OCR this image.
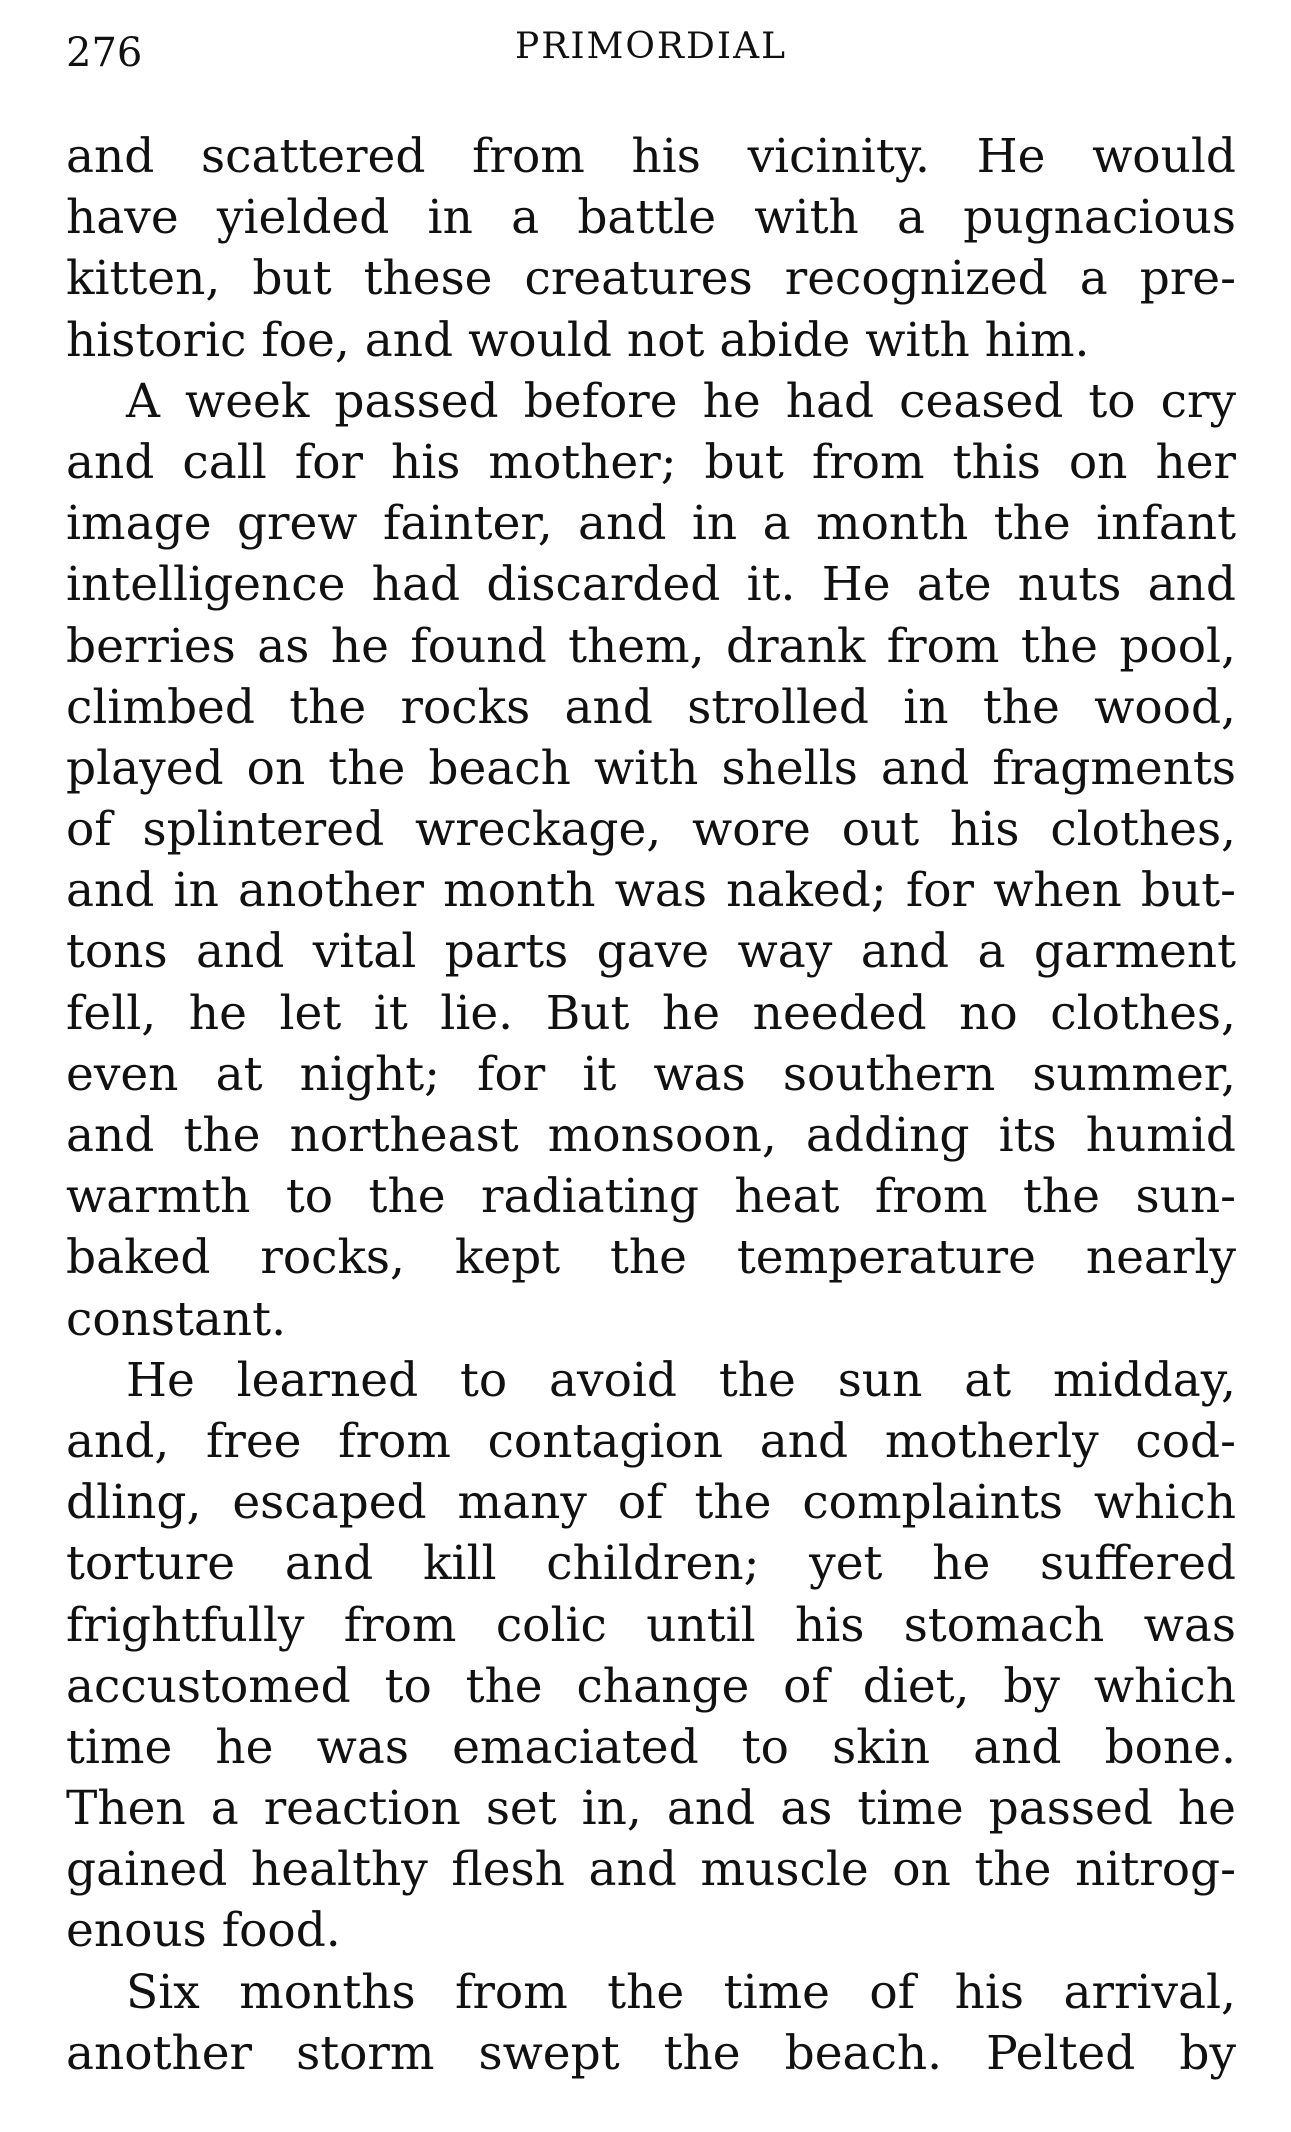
276	PRIMORDIAL
and scattered from his vicinity. He would
have yielded in a battle with a pugnacious
kitten, but these creatures recognized a pre-
historic foe, and would not abide with him.
A week passed before he had ceased to cry
and call for his mother; but from this on her
image grew fainter, and in a month the infant
intelligence had discarded it. He ate nuts and
berries as he found them, drank from the pool,
climbed the rocks and strolled in the wood,
played on the beach with shells and fragments
of splintered wreckage, wore out his clothes,
and in another month was naked; for when but-
tons and vital parts gave way and a garment
fell, he let it lie. But he needed no clothes,
even at night; for it was southern summer,
and the northeast monsoon, adding its humid
warmth to the radiating heat from the sun-
baked rocks, kept the temperature nearly
constant.
He learned to avoid the sun at midday,
and, free from contagion and motherly cod-
dling, escaped many of the complaints which
torture and kill children; yet he suffered
frightfully from colic until his stomach was
accustomed to the change of diet, by which
time he was emaciated to skin and bone.
Then a reaction set in, and as time passed he
gained healthy flesh and muscle on the nitrog-
enous food.
Six months from the time of his arrival,
another storm swept the beach. Pelted by
